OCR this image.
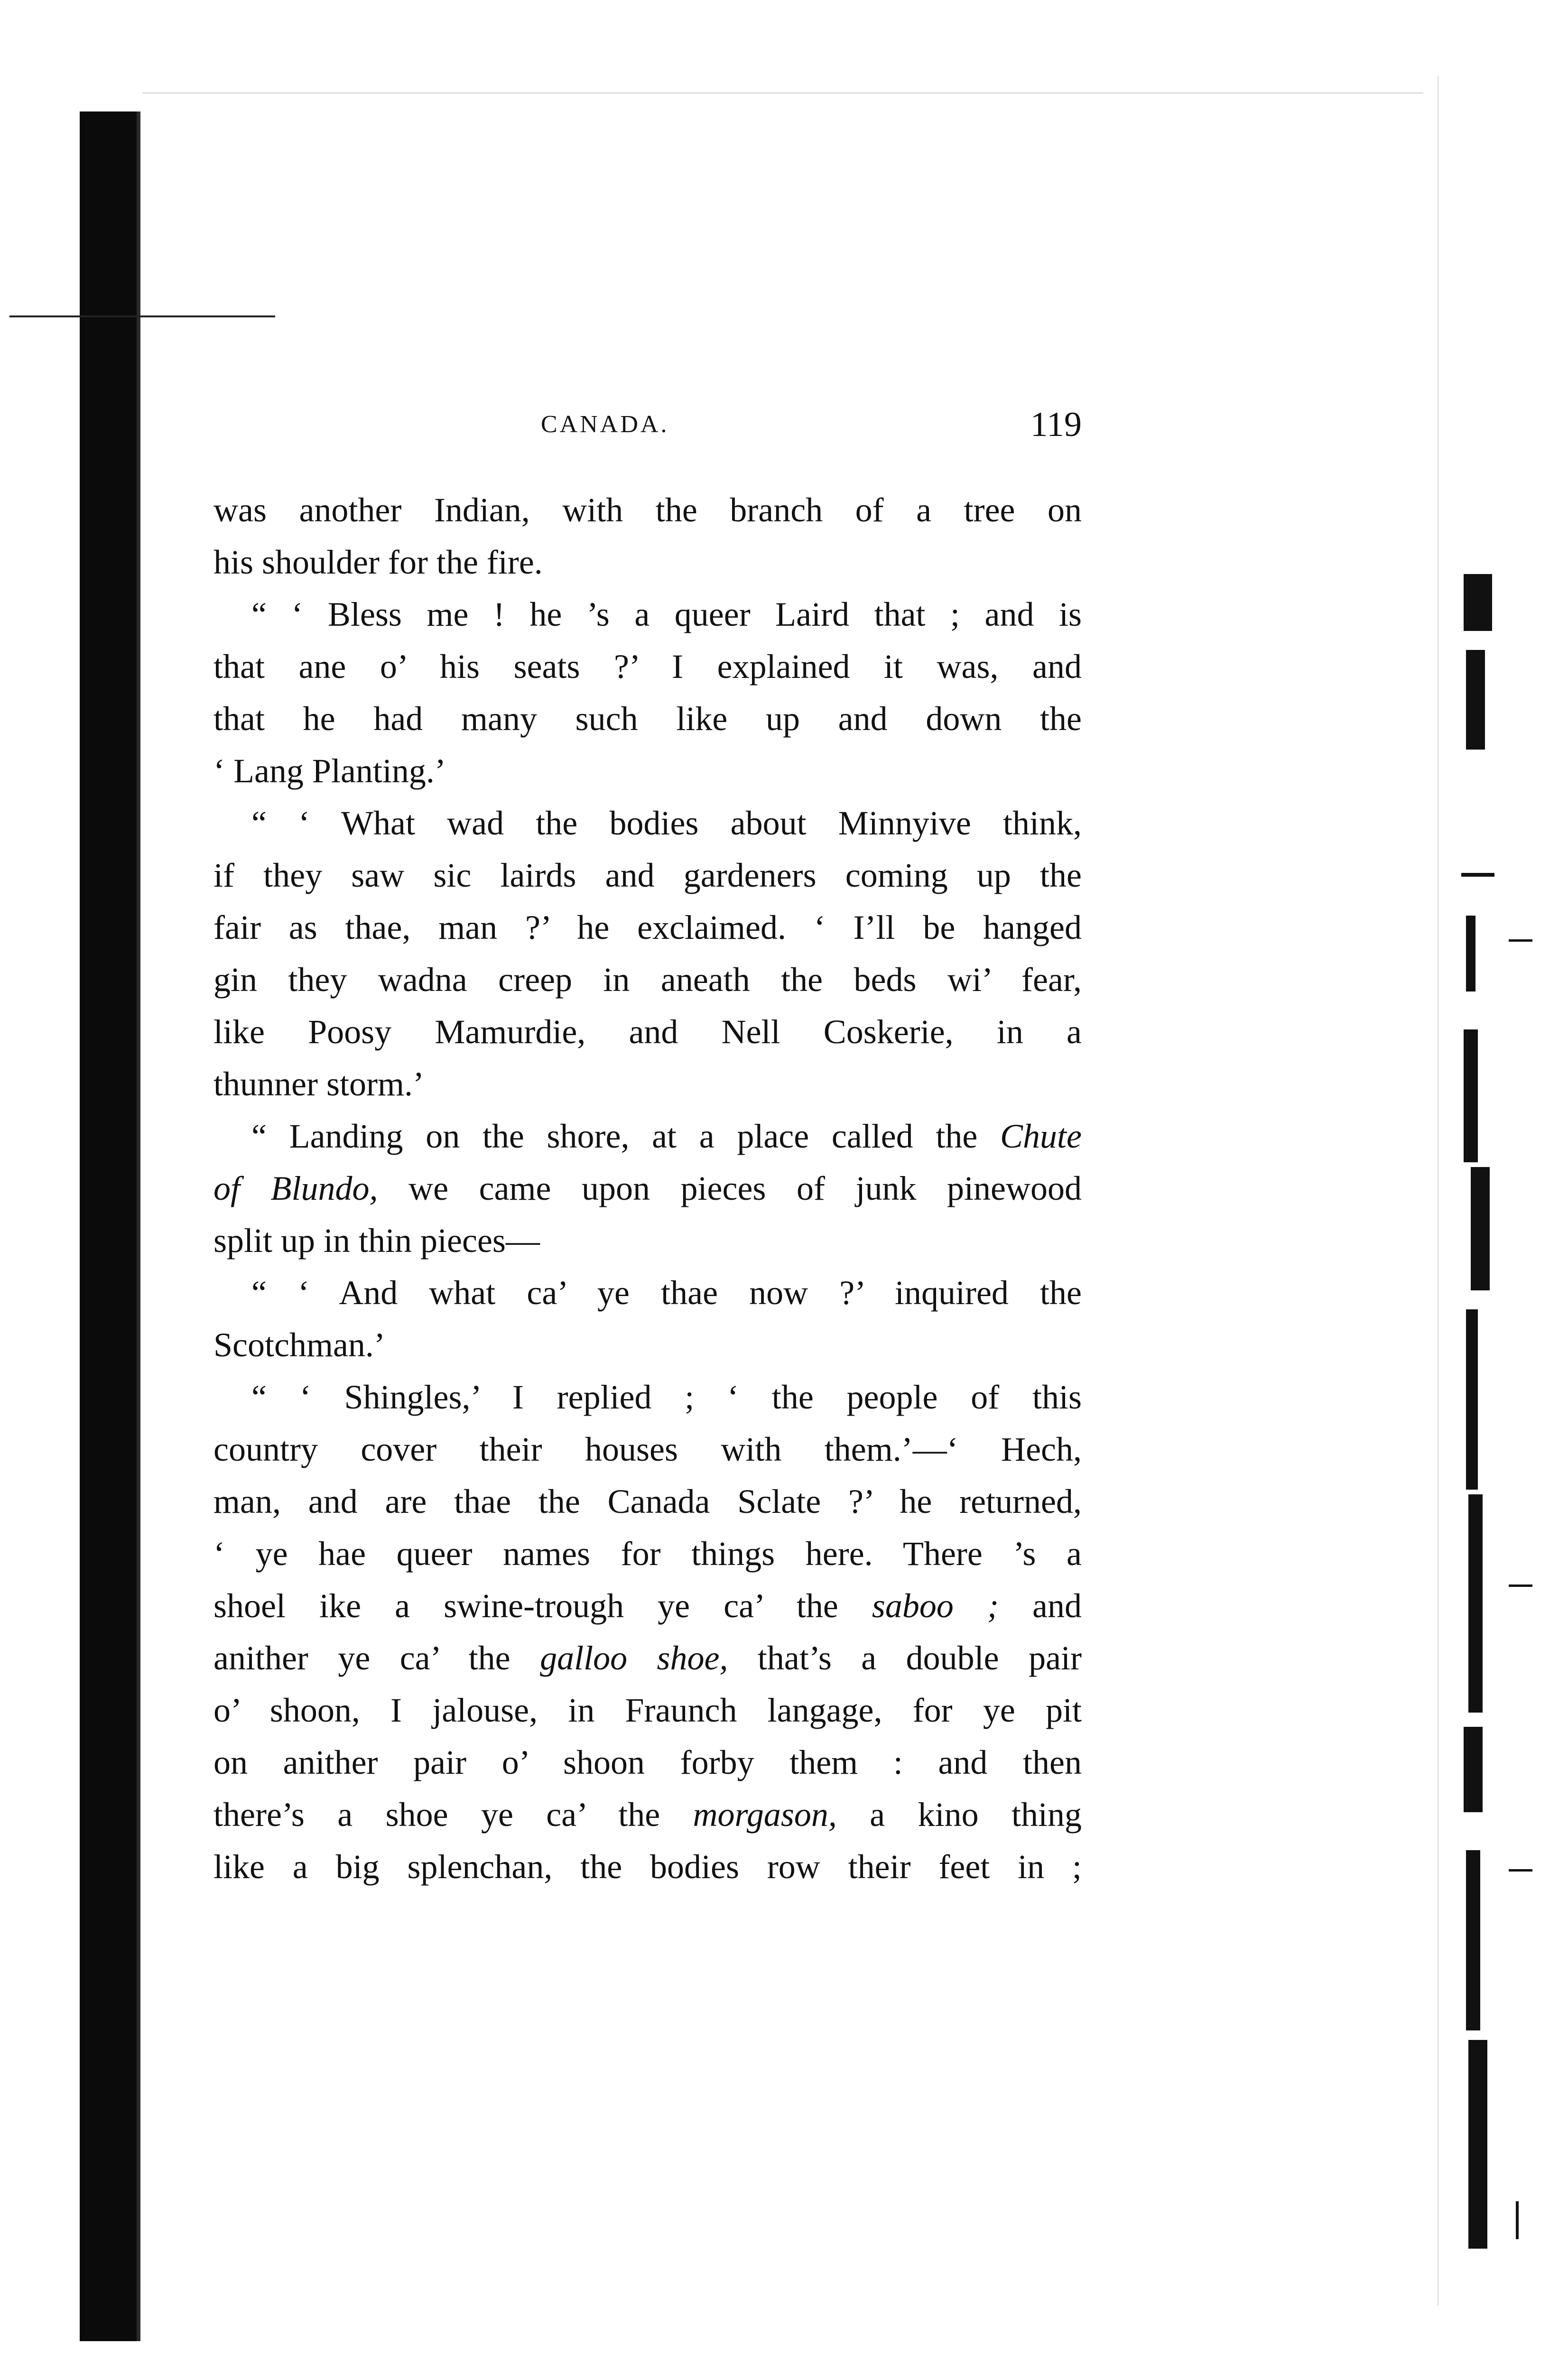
CANADA.	119
was another Indian, with the branch of a tree on
his shoulder for the fire.
“ ‘ Bless me ! he ’s a queer Laird that ; and is
that ane o’ his seats ?’ I explained it was, and
that he had many such like up and down the
‘ Lang Planting.’
“ ‘ What wad the bodies about Minnyive think,
if they saw sic lairds and gardeners coming up the
fair as thae, man ?’ he exclaimed. ‘ I’ll be hanged
gin they wadna creep in aneath the beds wi’ fear,
like Poosy Mamurdie, and Nell Coskerie, in a
thunner storm.’
“ Landing on the shore, at a place called the Chute
of Blundo, we came upon pieces of junk pinewood
split up in thin pieces—
“ ‘ And what ca’ ye thae now ?’ inquired the
Scotchman.’
“ ‘ Shingles,’ I replied ; ‘ the people of this
country cover their houses with them.’—‘ Hech,
man, and are thae the Canada Sclate ?’ he returned,
‘ ye hae queer names for things here. There ’s a
shoel ike a swine-trough ye ca’ the saboo ; and
anither ye ca’ the galloo shoe, that’s a double pair
o’ shoon, I jalouse, in Fraunch langage, for ye pit
on anither pair o’ shoon forby them : and then
there’s a shoe ye ca’ the morgason, a kino thing
like a big splenchan, the bodies row their feet in ;
